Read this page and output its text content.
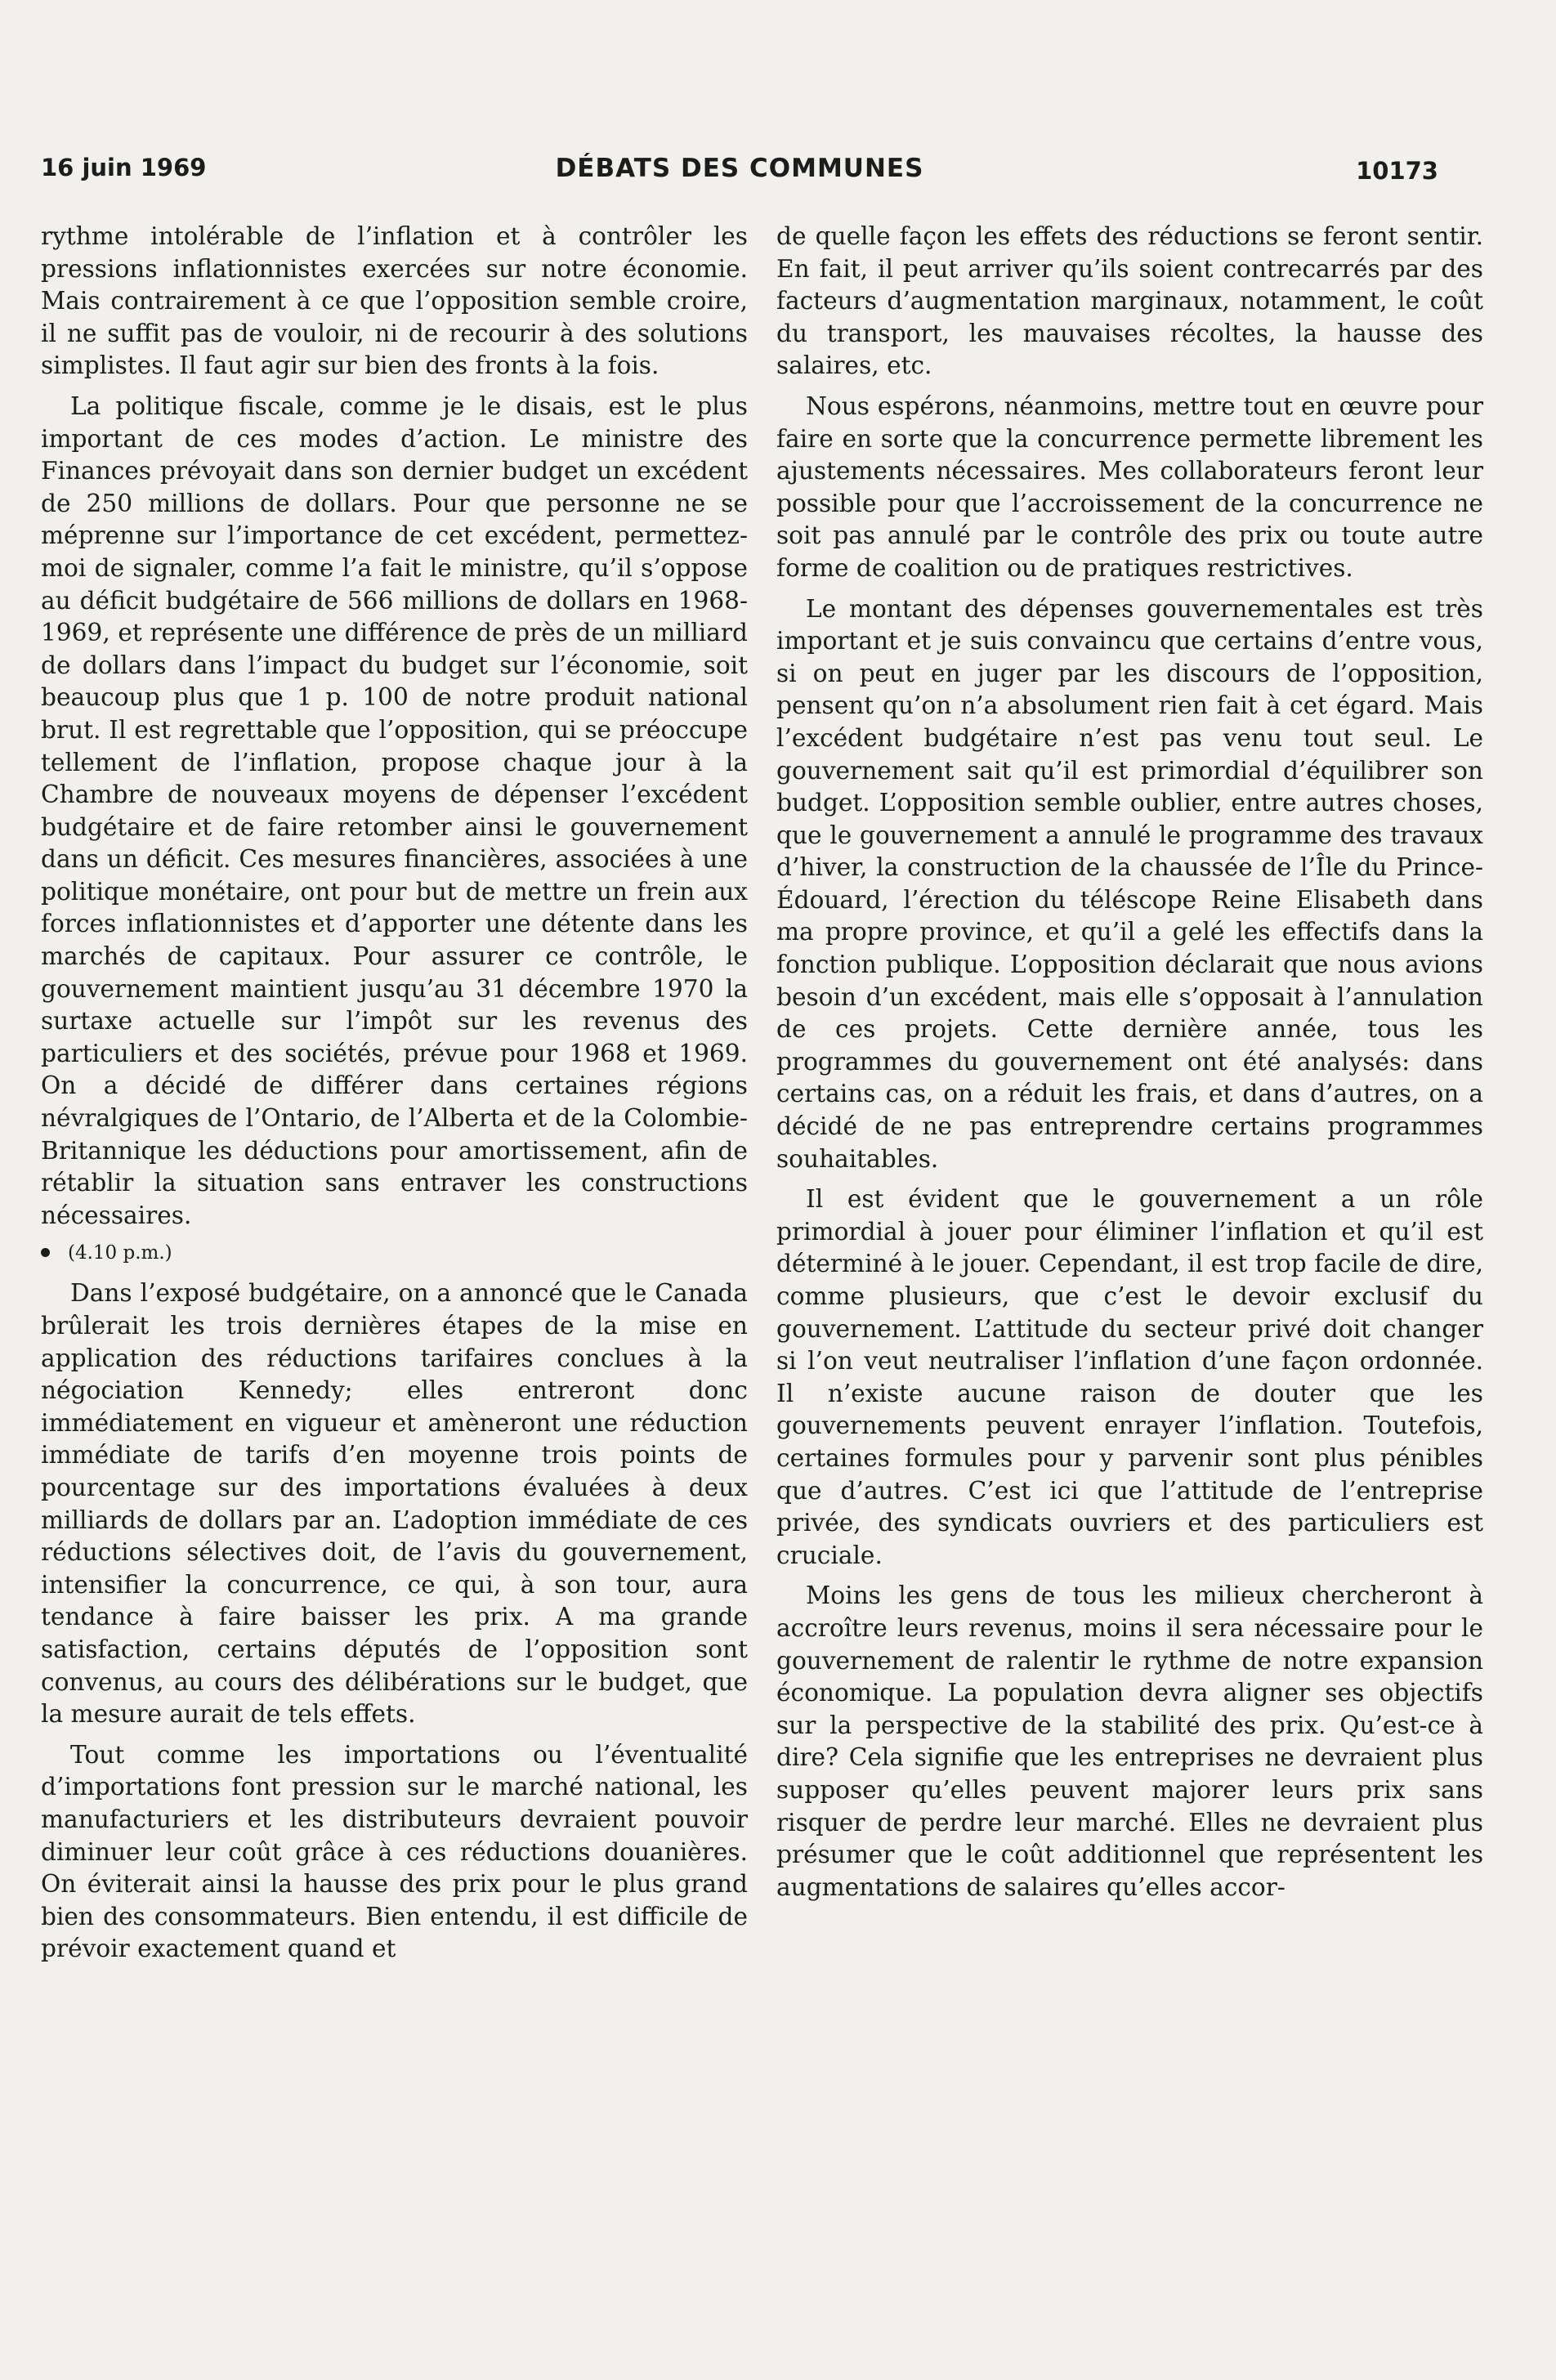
16 juin 1969	DÉBATS DES COMMUNES	10173

rythme intolérable de l’inflation et à contrôler les pressions inflationnistes exercées sur notre économie. Mais contrairement à ce que l’opposition semble croire, il ne suffit pas de vouloir, ni de recourir à des solutions simplistes. Il faut agir sur bien des fronts à la fois.

La politique fiscale, comme je le disais, est le plus important de ces modes d’action. Le ministre des Finances prévoyait dans son dernier budget un excédent de 250 millions de dollars. Pour que personne ne se méprenne sur l’importance de cet excédent, permettez-moi de signaler, comme l’a fait le ministre, qu’il s’oppose au déficit budgétaire de 566 millions de dollars en 1968-1969, et représente une différence de près de un milliard de dollars dans l’impact du budget sur l’économie, soit beaucoup plus que 1 p. 100 de notre produit national brut. Il est regrettable que l’opposition, qui se préoccupe tellement de l’inflation, propose chaque jour à la Chambre de nouveaux moyens de dépenser l’excédent budgétaire et de faire retomber ainsi le gouvernement dans un déficit. Ces mesures financières, associées à une politique monétaire, ont pour but de mettre un frein aux forces inflationnistes et d’apporter une détente dans les marchés de capitaux. Pour assurer ce contrôle, le gouvernement maintient jusqu’au 31 décembre 1970 la surtaxe actuelle sur l’impôt sur les revenus des particuliers et des sociétés, prévue pour 1968 et 1969. On a décidé de différer dans certaines régions névralgiques de l’Ontario, de l’Alberta et de la Colombie-Britannique les déductions pour amortissement, afin de rétablir la situation sans entraver les constructions nécessaires.

(4.10 p.m.)

Dans l’exposé budgétaire, on a annoncé que le Canada brûlerait les trois dernières étapes de la mise en application des réductions tarifaires conclues à la négociation Kennedy; elles entreront donc immédiatement en vigueur et amèneront une réduction immédiate de tarifs d’en moyenne trois points de pourcentage sur des importations évaluées à deux milliards de dollars par an. L’adoption immédiate de ces réductions sélectives doit, de l’avis du gouvernement, intensifier la concurrence, ce qui, à son tour, aura tendance à faire baisser les prix. A ma grande satisfaction, certains députés de l’opposition sont convenus, au cours des délibérations sur le budget, que la mesure aurait de tels effets.

Tout comme les importations ou l’éventualité d’importations font pression sur le marché national, les manufacturiers et les distributeurs devraient pouvoir diminuer leur coût grâce à ces réductions douanières. On éviterait ainsi la hausse des prix pour le plus grand bien des consommateurs. Bien entendu, il est difficile de prévoir exactement quand et

de quelle façon les effets des réductions se feront sentir. En fait, il peut arriver qu’ils soient contrecarrés par des facteurs d’augmentation marginaux, notamment, le coût du transport, les mauvaises récoltes, la hausse des salaires, etc.

Nous espérons, néanmoins, mettre tout en œuvre pour faire en sorte que la concurrence permette librement les ajustements nécessaires. Mes collaborateurs feront leur possible pour que l’accroissement de la concurrence ne soit pas annulé par le contrôle des prix ou toute autre forme de coalition ou de pratiques restrictives.

Le montant des dépenses gouvernementales est très important et je suis convaincu que certains d’entre vous, si on peut en juger par les discours de l’opposition, pensent qu’on n’a absolument rien fait à cet égard. Mais l’excédent budgétaire n’est pas venu tout seul. Le gouvernement sait qu’il est primordial d’équilibrer son budget. L’opposition semble oublier, entre autres choses, que le gouvernement a annulé le programme des travaux d’hiver, la construction de la chaussée de l’Île du Prince-Édouard, l’érection du téléscope Reine Elisabeth dans ma propre province, et qu’il a gelé les effectifs dans la fonction publique. L’opposition déclarait que nous avions besoin d’un excédent, mais elle s’opposait à l’annulation de ces projets. Cette dernière année, tous les programmes du gouvernement ont été analysés: dans certains cas, on a réduit les frais, et dans d’autres, on a décidé de ne pas entreprendre certains programmes souhaitables.

Il est évident que le gouvernement a un rôle primordial à jouer pour éliminer l’inflation et qu’il est déterminé à le jouer. Cependant, il est trop facile de dire, comme plusieurs, que c’est le devoir exclusif du gouvernement. L’attitude du secteur privé doit changer si l’on veut neutraliser l’inflation d’une façon ordonnée. Il n’existe aucune raison de douter que les gouvernements peuvent enrayer l’inflation. Toutefois, certaines formules pour y parvenir sont plus pénibles que d’autres. C’est ici que l’attitude de l’entreprise privée, des syndicats ouvriers et des particuliers est cruciale.

Moins les gens de tous les milieux chercheront à accroître leurs revenus, moins il sera nécessaire pour le gouvernement de ralentir le rythme de notre expansion économique. La population devra aligner ses objectifs sur la perspective de la stabilité des prix. Qu’est-ce à dire? Cela signifie que les entreprises ne devraient plus supposer qu’elles peuvent majorer leurs prix sans risquer de perdre leur marché. Elles ne devraient plus présumer que le coût additionnel que représentent les augmentations de salaires qu’elles accor-
